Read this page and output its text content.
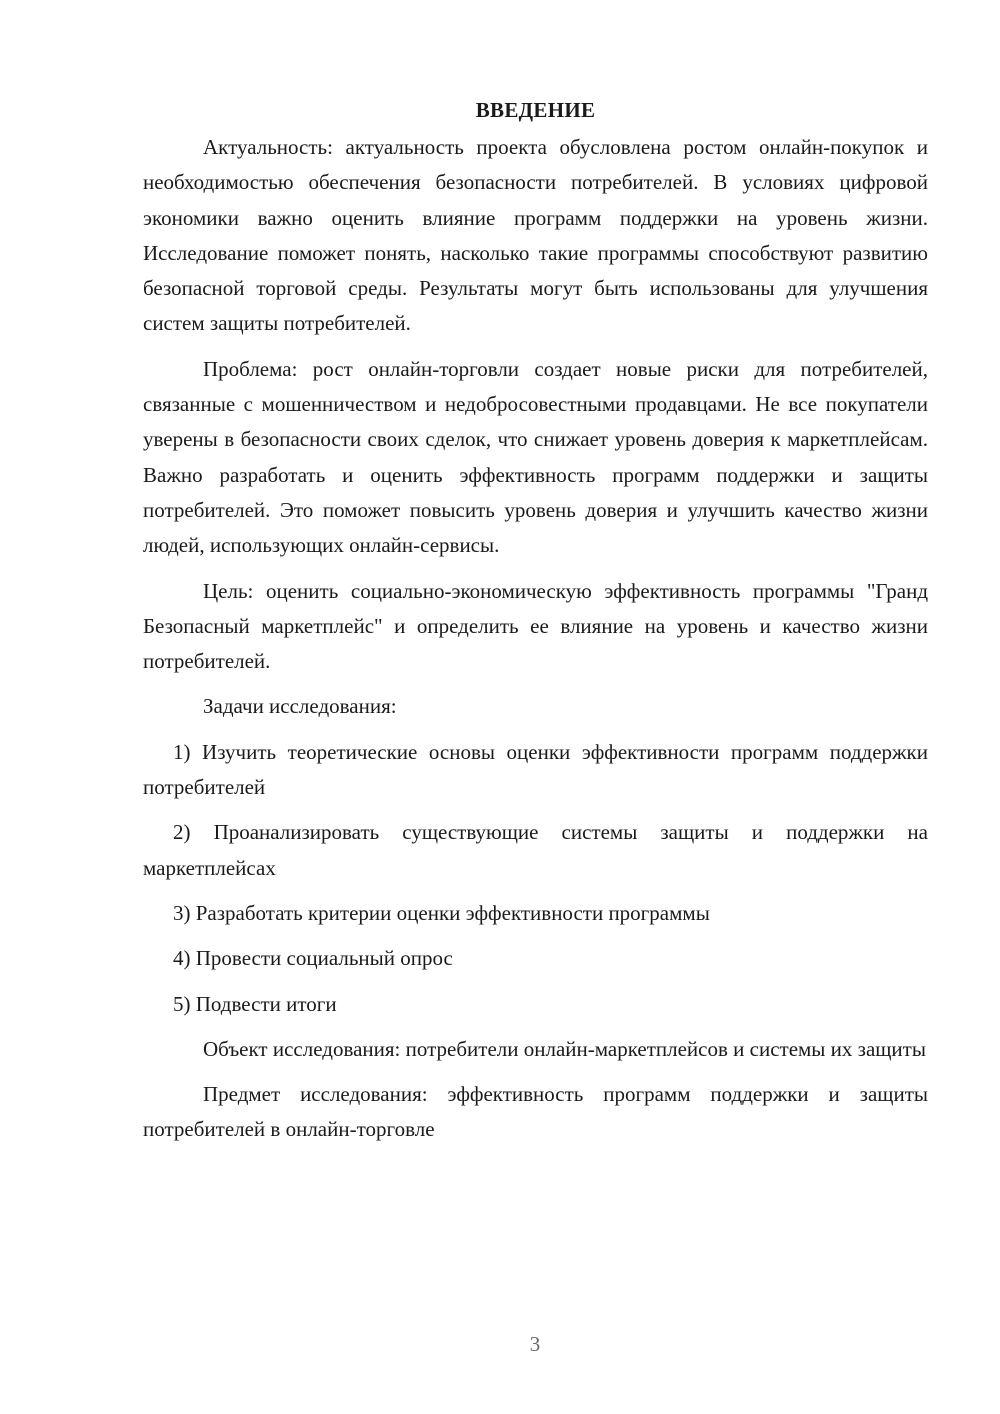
ВВЕДЕНИЕ

Актуальность: актуальность проекта обусловлена ростом онлайн-покупок и необходимостью обеспечения безопасности потребителей. В условиях цифровой экономики важно оценить влияние программ поддержки на уровень жизни. Исследование поможет понять, насколько такие программы способствуют развитию безопасной торговой среды. Результаты могут быть использованы для улучшения систем защиты потребителей.

Проблема: рост онлайн-торговли создает новые риски для потребителей, связанные с мошенничеством и недобросовестными продавцами. Не все покупатели уверены в безопасности своих сделок, что снижает уровень доверия к маркетплейсам. Важно разработать и оценить эффективность программ поддержки и защиты потребителей. Это поможет повысить уровень доверия и улучшить качество жизни людей, использующих онлайн-сервисы.

Цель: оценить социально-экономическую эффективность программы "Гранд Безопасный маркетплейс" и определить ее влияние на уровень и качество жизни потребителей.

Задачи исследования:

1) Изучить теоретические основы оценки эффективности программ поддержки потребителей

2) Проанализировать существующие системы защиты и поддержки на маркетплейсах

3) Разработать критерии оценки эффективности программы

4) Провести социальный опрос

5) Подвести итоги

Объект исследования: потребители онлайн-маркетплейсов и системы их защиты

Предмет исследования: эффективность программ поддержки и защиты потребителей в онлайн-торговле

3
